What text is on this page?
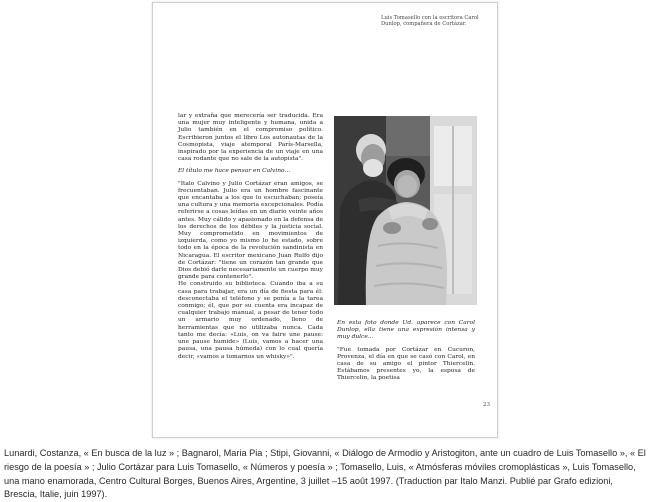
Luis Tomasello con la escritora Carol Dunlop, compañera de Cortázar.

lar y extraña que merecería ser traducida. Era una mujer muy inteligente y humana, unida a Julio también en el compromiso político. Escribieron juntos el libro Los autonautas de la Cosmopista, viaje atemporal París-Marsella, inspirado por la experiencia de un viaje en una casa rodante que no sale de la autopista".

El título me hace pensar en Calvino...

"Italo Calvino y Julio Cortázar eran amigos, se frecuentaban. Julio era un hombre fascinante que encantaba a los que lo escuchaban; poseía una cultura y una memoria excepcionales. Podía referirse a cosas leídas en un diario veinte años antes. Muy cálido y apasionado en la defensa de los derechos de los débiles y la justicia social. Muy comprometido en movimientos de izquierda, como yo mismo lo he estado, sobre todo en la época de la revolución sandinista en Nicaragua. El escritor mexicano Juan Rulfo dijo de Cortázar: "tiene un corazón tan grande que Dios debió darle necesariamente un cuerpo muy grande para contenerlo".

He construido su biblioteca. Cuando iba a su casa para trabajar, era un día de fiesta para él: desconectaba el teléfono y se ponía a la tarea conmigo; él, que por su cuenta era incapaz de cualquier trabajo manual, a pesar de tener todo un armario muy ordenado, lleno de herramientas que no utilizaba nunca. Cada tanto me decía: «Luis, on va faire une pause: une pause humide» (Luis, vamos a hacer una pausa, una pausa húmeda) con lo cual quería decir, «vamos a tomarnos un whisky»".

En esta foto donde Ud. aparece con Carol Dunlop, ella tiene una expresión intensa y muy dulce...

"Fue tomada por Cortázar en Cucuron, Provenza, el día en que se casó con Carol, en casa de su amigo el pintor Thiercelin. Estábamos presentes yo, la esposa de Thiercelin, la poetisa

23
Lunardi, Costanza, « En busca de la luz » ; Bagnarol, Maria Pia ; Stipi, Giovanni, « Diálogo de Armodio y Aristogiton, ante un cuadro de Luis Tomasello », « El riesgo de la poesía » ; Julio Cortázar para Luis Tomasello, « Números y poesía » ; Tomasello, Luis, « Atmósferas móviles cromoplásticas », Luis Tomasello, una mano enamorada, Centro Cultural Borges, Buenos Aires, Argentine, 3 juillet –15 août 1997. (Traduction par Italo Manzi. Publié par Grafo edizioni, Brescia, Italie, juin 1997).
